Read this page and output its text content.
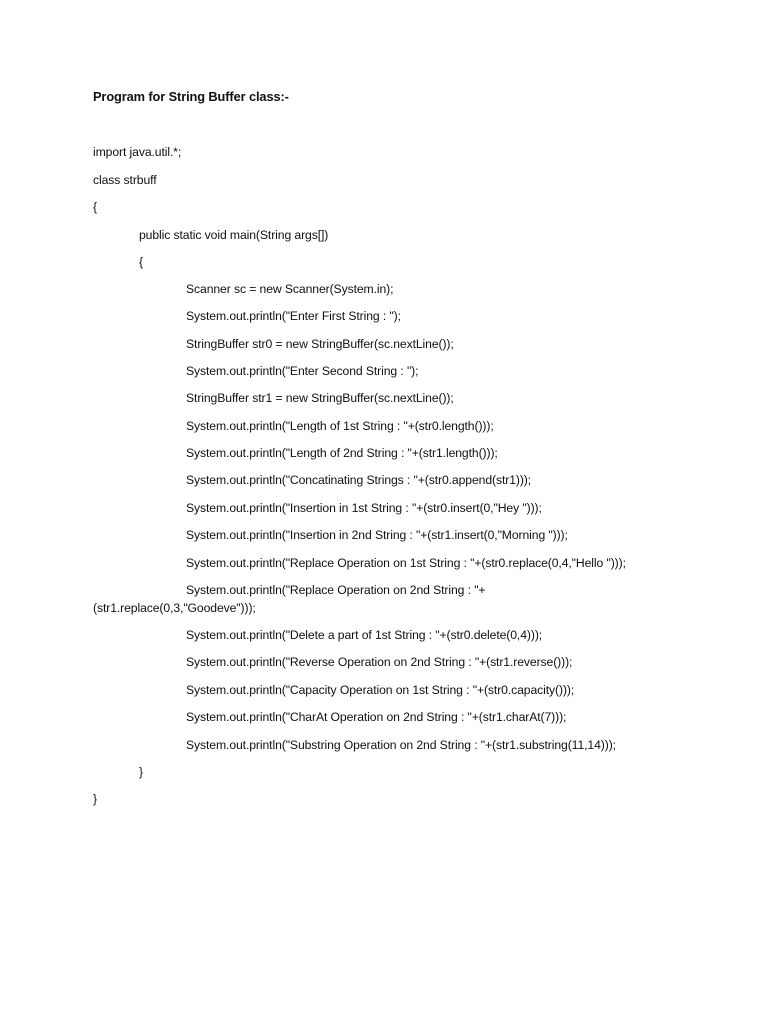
Program for String Buffer class:-
import java.util.*;
class strbuff
{
public static void main(String args[])
{
Scanner sc = new Scanner(System.in);
System.out.println("Enter First String : ");
StringBuffer str0 = new StringBuffer(sc.nextLine());
System.out.println("Enter Second String : ");
StringBuffer str1 = new StringBuffer(sc.nextLine());
System.out.println("Length of 1st String : "+(str0.length()));
System.out.println("Length of 2nd String : "+(str1.length()));
System.out.println("Concatinating Strings : "+(str0.append(str1)));
System.out.println("Insertion in 1st String : "+(str0.insert(0,"Hey ")));
System.out.println("Insertion in 2nd String : "+(str1.insert(0,"Morning ")));
System.out.println("Replace Operation on 1st String : "+(str0.replace(0,4,"Hello ")));
System.out.println("Replace Operation on 2nd String : "+
(str1.replace(0,3,"Goodeve")));
System.out.println("Delete a part of 1st String : "+(str0.delete(0,4)));
System.out.println("Reverse Operation on 2nd String : "+(str1.reverse()));
System.out.println("Capacity Operation on 1st String : "+(str0.capacity()));
System.out.println("CharAt Operation on 2nd String : "+(str1.charAt(7)));
System.out.println("Substring Operation on 2nd String : "+(str1.substring(11,14)));
}
}
